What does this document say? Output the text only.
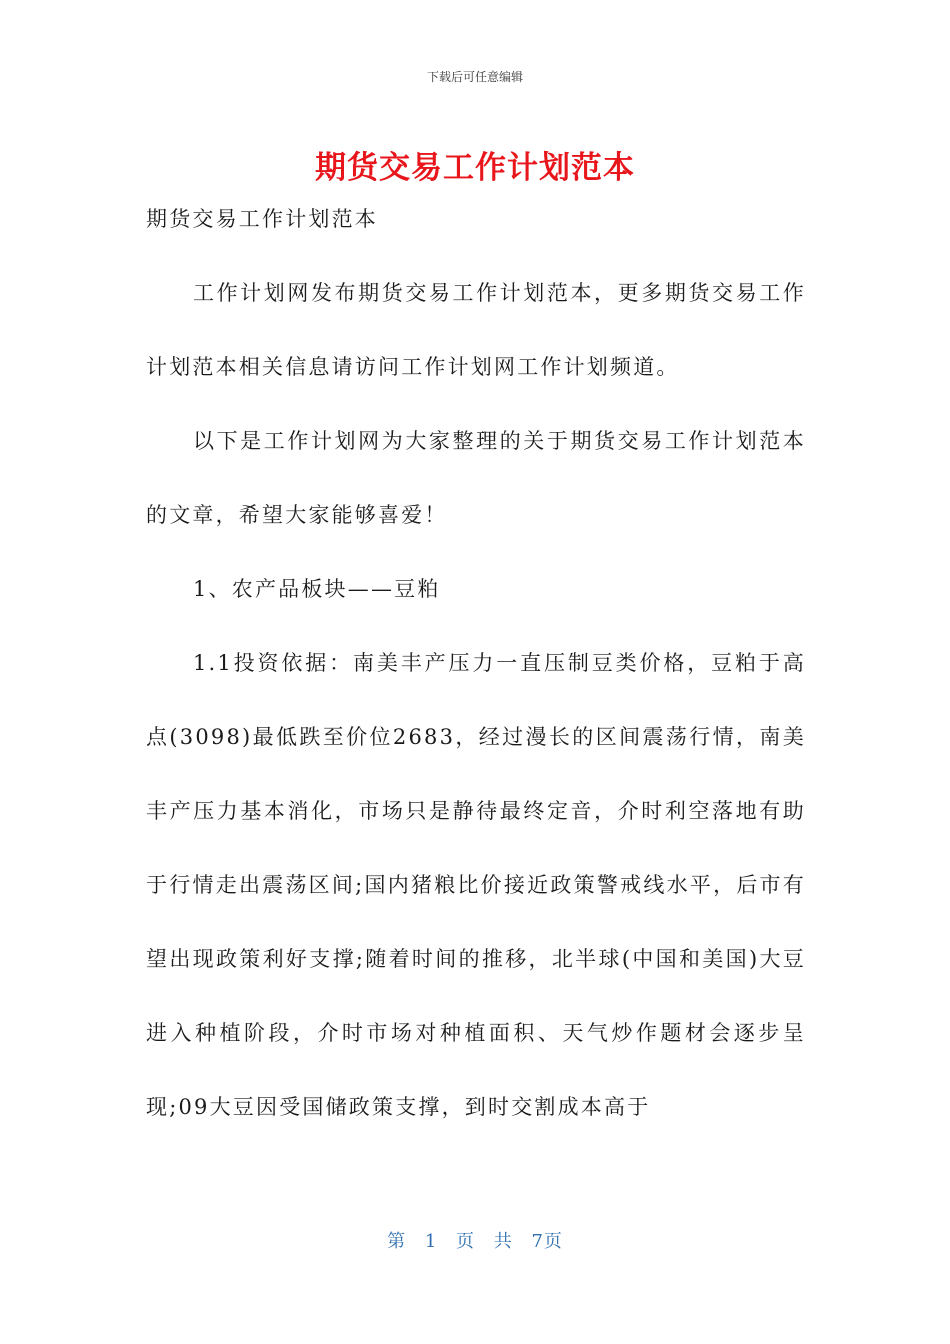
下载后可任意编辑
期货交易工作计划范本

期货交易工作计划范本

工作计划网发布期货交易工作计划范本，更多期货交易工作计划范本相关信息请访问工作计划网工作计划频道。

以下是工作计划网为大家整理的关于期货交易工作计划范本的文章，希望大家能够喜爱！

1、农产品板块——豆粕

1.1投资依据：南美丰产压力一直压制豆类价格，豆粕于高点(3098)最低跌至价位2683，经过漫长的区间震荡行情，南美丰产压力基本消化，市场只是静待最终定音，介时利空落地有助于行情走出震荡区间;国内猪粮比价接近政策警戒线水平，后市有望出现政策利好支撑;随着时间的推移，北半球(中国和美国)大豆进入种植阶段，介时市场对种植面积、天气炒作题材会逐步呈现;09大豆因受国储政策支撑，到时交割成本高于

第 1 页 共 7页
